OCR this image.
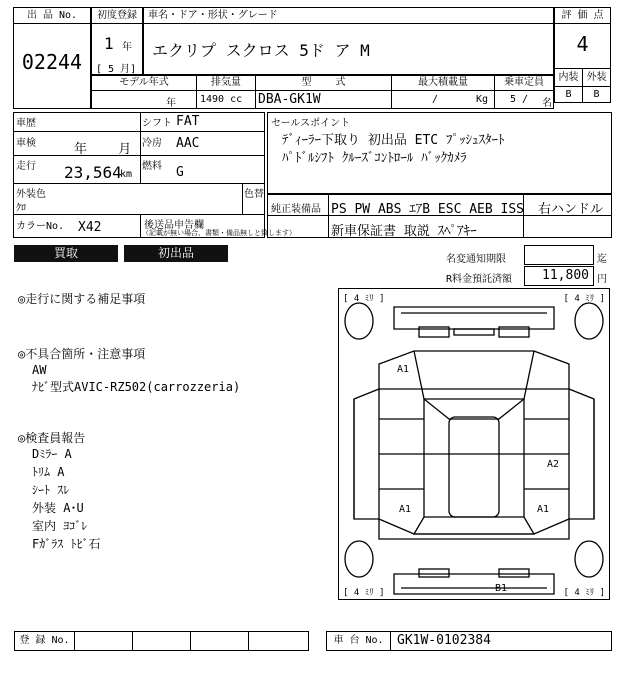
出 品 No.
02244
初度登録
1 年
[ 5 月]
車名・ドア・形状・グレード
エクリプ スクロス 5ド ア M
評 価 点
4
内装 外装
B	B
モデル年式
年
排気量
1490 cc
型    式
DBA-GK1W
最大積載量
/	Kg
乗車定員
5 / 名
車歴	シフト FAT
車検	年    月 冷房 AAC
走行 23,564
km
燃料 G
外装色
ｸﾛ
色替
カラーNo. X42	後送品申告欄
（記載が無い場合、書類・備品無しと致します）
セールスポイント
ﾃﾞｨｰﾗｰ下取り 初出品 ETC ﾌﾟｯｼｭｽﾀｰﾄ
ﾊﾟﾄﾞﾙｼﾌﾄ ｸﾙｰｽﾞｺﾝﾄﾛｰﾙ ﾊﾞｯｸｶﾒﾗ
純正装備品 PS PW ABS ｴｱB ESC AEB ISS 右ハンドル
新車保証書 取説 ｽﾍﾟｱｷｰ
買取	初出品	名変通知期限	迄
R料金預託済額 11,800 円
◎走行に関する補足事項
◎不具合箇所・注意事項
AW
ﾅﾋﾞ型式AVIC-RZ502(carrozzeria)
◎検査員報告
Dﾐﾗｰ A
ﾄﾘﾑ A
ｼｰﾄ ｽﾚ
外装 A･U
室内 ﾖｺﾞﾚ
Fｶﾞﾗｽ ﾄﾋﾞ石
[ 4 ﾐﾘ ]	[ 4 ﾐﾘ ]
[ 4 ﾐﾘ ]	[ 4 ﾐﾘ ]
A1
A2
A1	A1
B1
登 録 No.	車 台 No.	GK1W-0102384
